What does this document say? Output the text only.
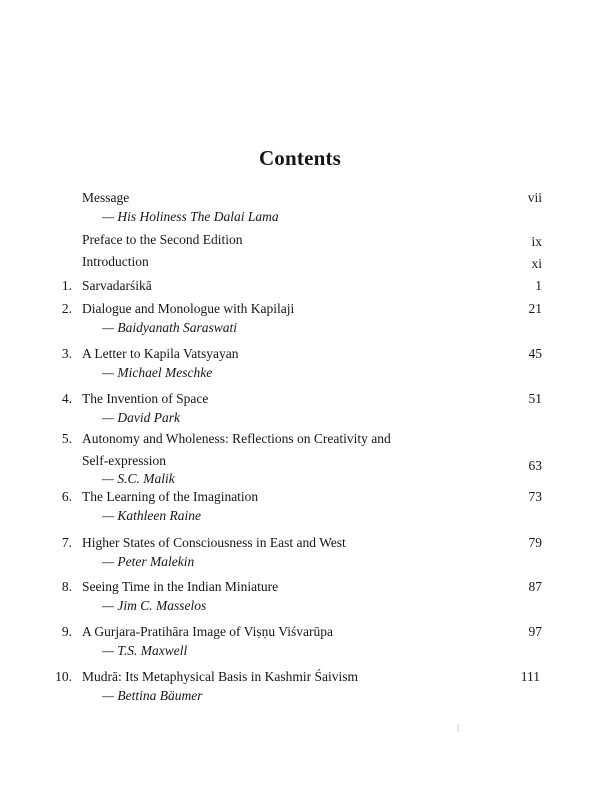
Contents
Message	vii
— His Holiness The Dalai Lama
Preface to the Second Edition	ix
Introduction	xi
1. Sarvadarśikā	1
2. Dialogue and Monologue with Kapilaji	21
— Baidyanath Saraswati
3. A Letter to Kapila Vatsyayan	45
— Michael Meschke
4. The Invention of Space	51
— David Park
5. Autonomy and Wholeness: Reflections on Creativity and
Self-expression	63
— S.C. Malik
6. The Learning of the Imagination	73
— Kathleen Raine
7. Higher States of Consciousness in East and West	79
— Peter Malekin
8. Seeing Time in the Indian Miniature	87
— Jim C. Masselos
9. A Gurjara-Pratihāra Image of Viṣṇu Viśvarūpa	97
— T.S. Maxwell
10. Mudrā: Its Metaphysical Basis in Kashmir Śaivism	111
— Bettina Bäumer
